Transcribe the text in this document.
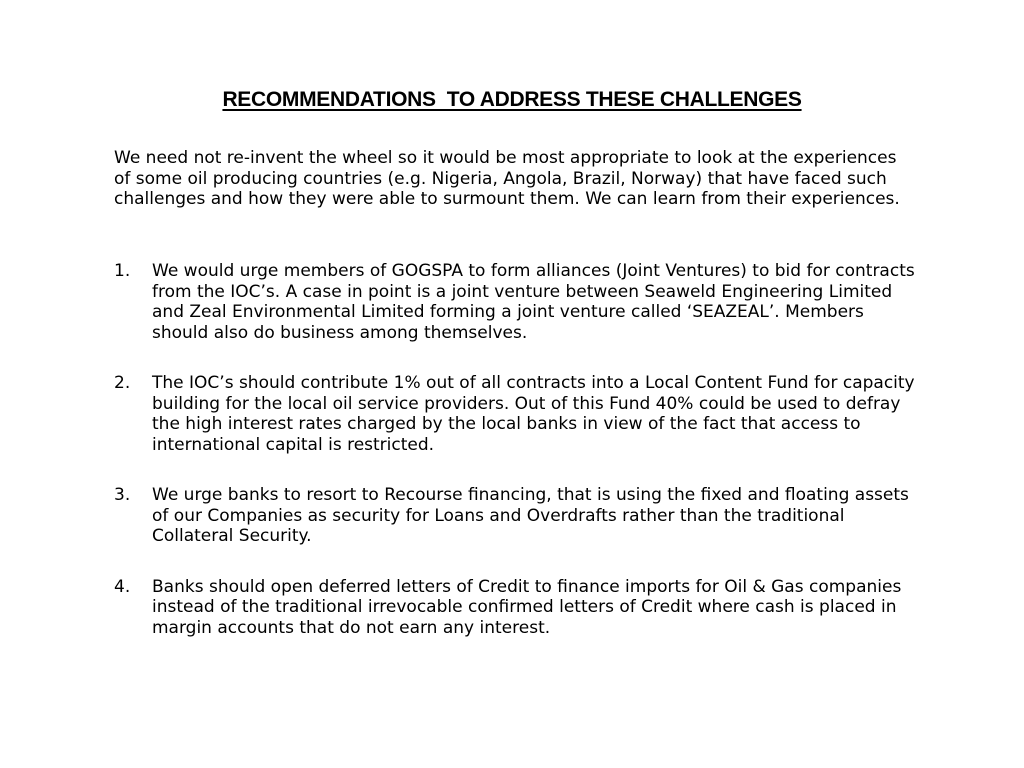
RECOMMENDATIONS  TO ADDRESS THESE CHALLENGES
We need not re-invent the wheel so it would be most appropriate to look at the experiences of some oil producing countries (e.g. Nigeria, Angola, Brazil, Norway) that have faced such challenges and how they were able to surmount them. We can learn from their experiences.
1. We would urge members of GOGSPA to form alliances (Joint Ventures) to bid for contracts from the IOC’s. A case in point is a joint venture between Seaweld Engineering Limited and Zeal Environmental Limited forming a joint venture called ‘SEAZEAL’. Members should also do business among themselves.
2. The IOC’s should contribute 1% out of all contracts into a Local Content Fund for capacity building for the local oil service providers. Out of this Fund 40% could be used to defray the high interest rates charged by the local banks in view of the fact that access to international capital is restricted.
3. We urge banks to resort to Recourse financing, that is using the fixed and floating assets of our Companies as security for Loans and Overdrafts rather than the traditional Collateral Security.
4. Banks should open deferred letters of Credit to finance imports for Oil & Gas companies instead of the traditional irrevocable confirmed letters of Credit where cash is placed in margin accounts that do not earn any interest.
